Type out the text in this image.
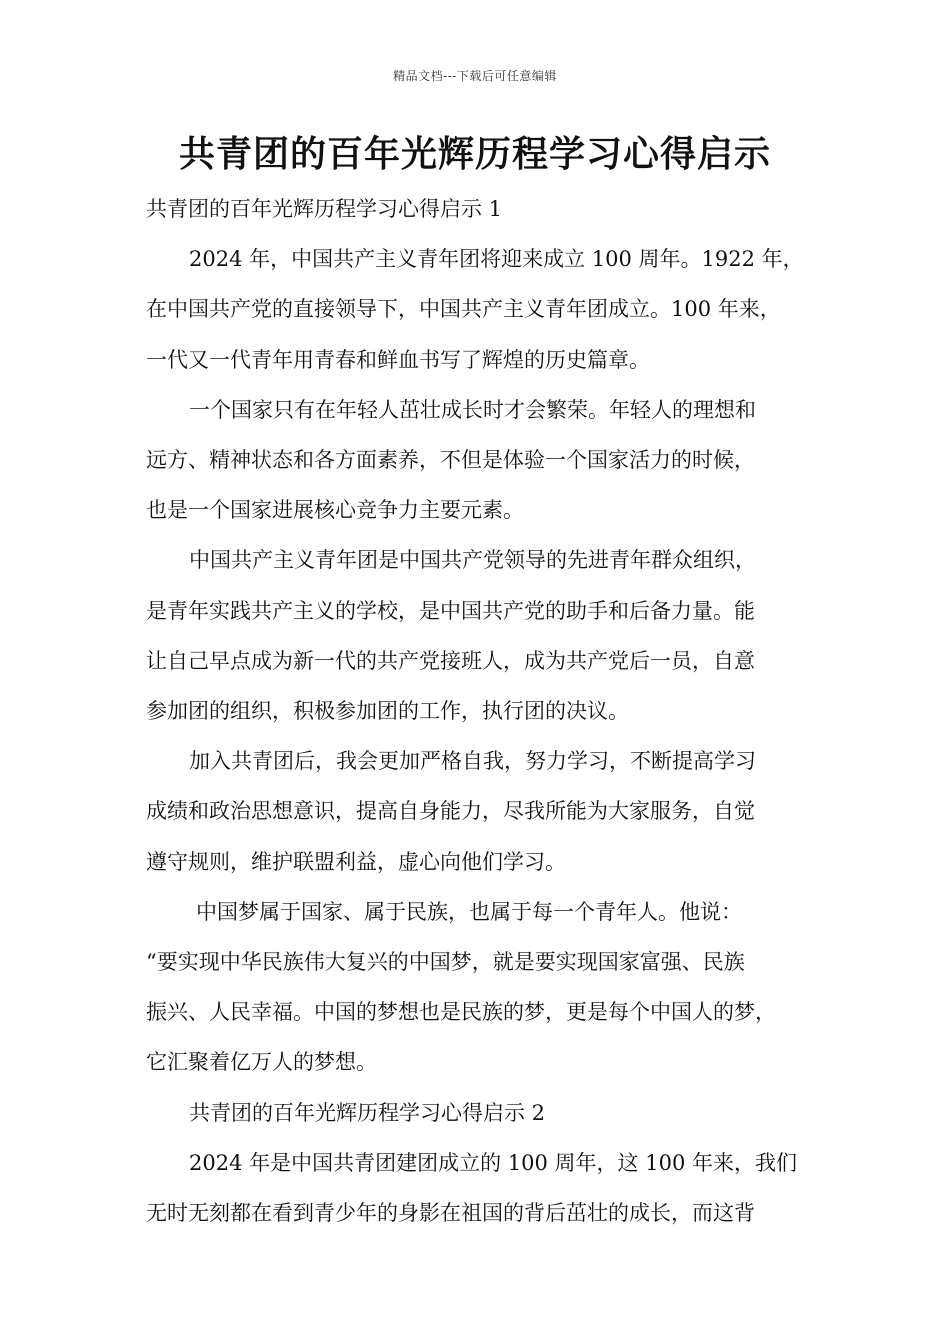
精品文档---下载后可任意编辑
共青团的百年光辉历程学习心得启示

共青团的百年光辉历程学习心得启示 1

2024 年，中国共产主义青年团将迎来成立 100 周年。1922 年，

在中国共产党的直接领导下，中国共产主义青年团成立。100 年来，

一代又一代青年用青春和鲜血书写了辉煌的历史篇章。

一个国家只有在年轻人茁壮成长时才会繁荣。年轻人的理想和

远方、精神状态和各方面素养，不但是体验一个国家活力的时候，

也是一个国家进展核心竞争力主要元素。

中国共产主义青年团是中国共产党领导的先进青年群众组织，

是青年实践共产主义的学校，是中国共产党的助手和后备力量。能

让自己早点成为新一代的共产党接班人，成为共产党后一员，自意

参加团的组织，积极参加团的工作，执行团的决议。

加入共青团后，我会更加严格自我，努力学习，不断提高学习

成绩和政治思想意识，提高自身能力，尽我所能为大家服务，自觉

遵守规则，维护联盟利益，虚心向他们学习。

中国梦属于国家、属于民族，也属于每一个青年人。他说：

“要实现中华民族伟大复兴的中国梦，就是要实现国家富强、民族

振兴、人民幸福。中国的梦想也是民族的梦，更是每个中国人的梦，

它汇聚着亿万人的梦想。

共青团的百年光辉历程学习心得启示 2

2024 年是中国共青团建团成立的 100 周年，这 100 年来，我们

无时无刻都在看到青少年的身影在祖国的背后茁壮的成长，而这背
